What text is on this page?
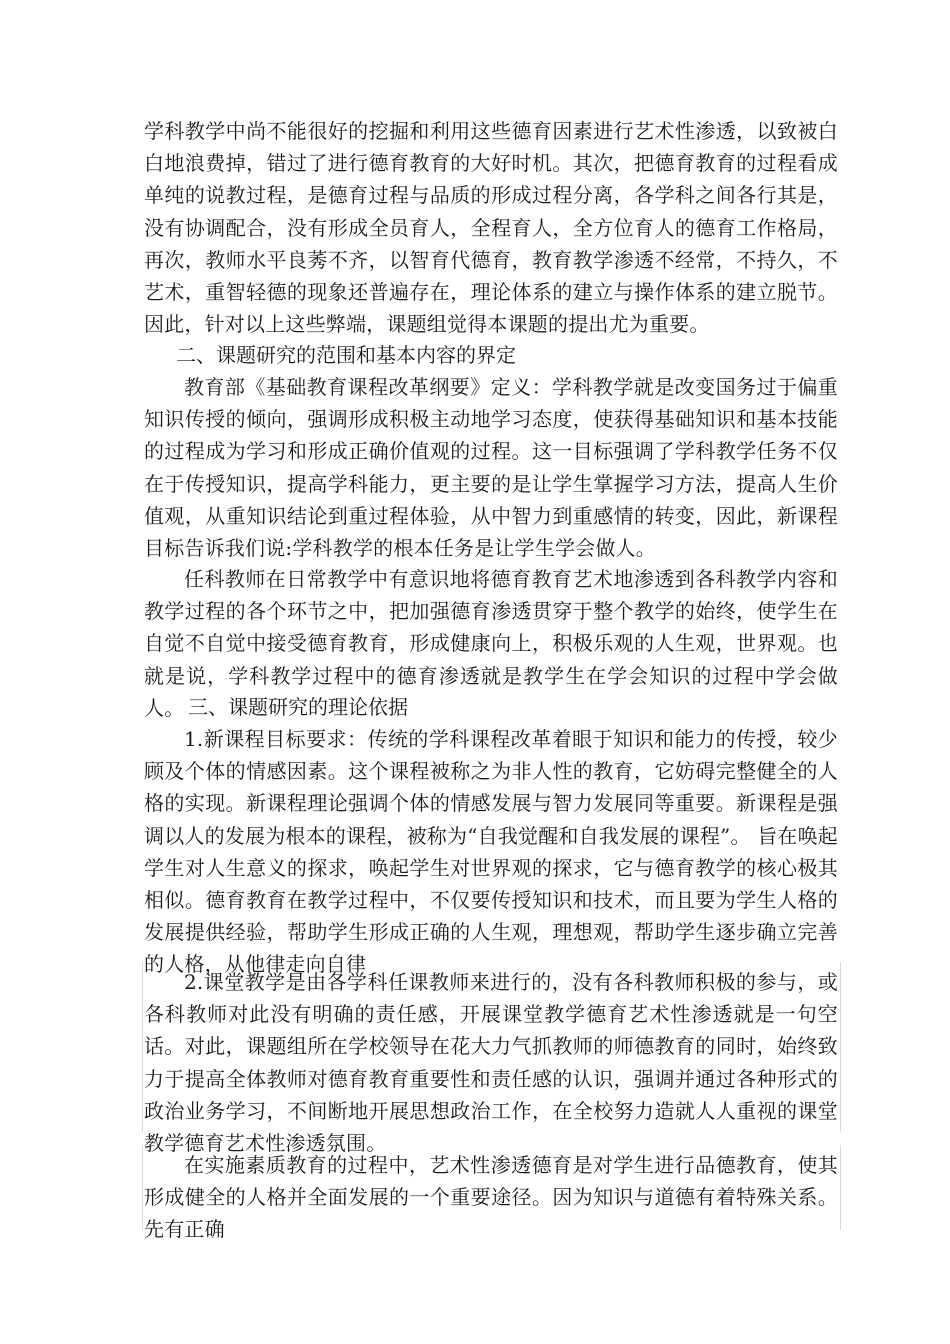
学科教学中尚不能很好的挖掘和利用这些德育因素进行艺术性渗透，以致被白白地浪费掉，错过了进行德育教育的大好时机。其次，把德育教育的过程看成单纯的说教过程，是德育过程与品质的形成过程分离，各学科之间各行其是，没有协调配合，没有形成全员育人，全程育人，全方位育人的德育工作格局，再次，教师水平良莠不齐，以智育代德育，教育教学渗透不经常，不持久，不艺术，重智轻德的现象还普遍存在，理论体系的建立与操作体系的建立脱节。因此，针对以上这些弊端，课题组觉得本课题的提出尤为重要。

二、课题研究的范围和基本内容的界定

教育部《基础教育课程改革纲要》定义：学科教学就是改变国务过于偏重知识传授的倾向，强调形成积极主动地学习态度，使获得基础知识和基本技能的过程成为学习和形成正确价值观的过程。这一目标强调了学科教学任务不仅在于传授知识，提高学科能力，更主要的是让学生掌握学习方法，提高人生价值观，从重知识结论到重过程体验，从中智力到重感情的转变，因此，新课程目标告诉我们说:学科教学的根本任务是让学生学会做人。

任科教师在日常教学中有意识地将德育教育艺术地渗透到各科教学内容和教学过程的各个环节之中，把加强德育渗透贯穿于整个教学的始终，使学生在自觉不自觉中接受德育教育，形成健康向上，积极乐观的人生观，世界观。也就是说，学科教学过程中的德育渗透就是教学生在学会知识的过程中学会做人。 三、课题研究的理论依据

1.新课程目标要求：传统的学科课程改革着眼于知识和能力的传授，较少顾及个体的情感因素。这个课程被称之为非人性的教育，它妨碍完整健全的人格的实现。新课程理论强调个体的情感发展与智力发展同等重要。新课程是强调以人的发展为根本的课程，被称为“自我觉醒和自我发展的课程”。 旨在唤起学生对人生意义的探求，唤起学生对世界观的探求，它与德育教学的核心极其相似。德育教育在教学过程中，不仅要传授知识和技术，而且要为学生人格的发展提供经验，帮助学生形成正确的人生观，理想观，帮助学生逐步确立完善的人格，从他律走向自律

2.课堂教学是由各学科任课教师来进行的，没有各科教师积极的参与，或各科教师对此没有明确的责任感，开展课堂教学德育艺术性渗透就是一句空话。对此，课题组所在学校领导在花大力气抓教师的师德教育的同时，始终致力于提高全体教师对德育教育重要性和责任感的认识，强调并通过各种形式的政治业务学习，不间断地开展思想政治工作，在全校努力造就人人重视的课堂教学德育艺术性渗透氛围。

在实施素质教育的过程中，艺术性渗透德育是对学生进行品德教育，使其形成健全的人格并全面发展的一个重要途径。因为知识与道德有着特殊关系。先有正确
